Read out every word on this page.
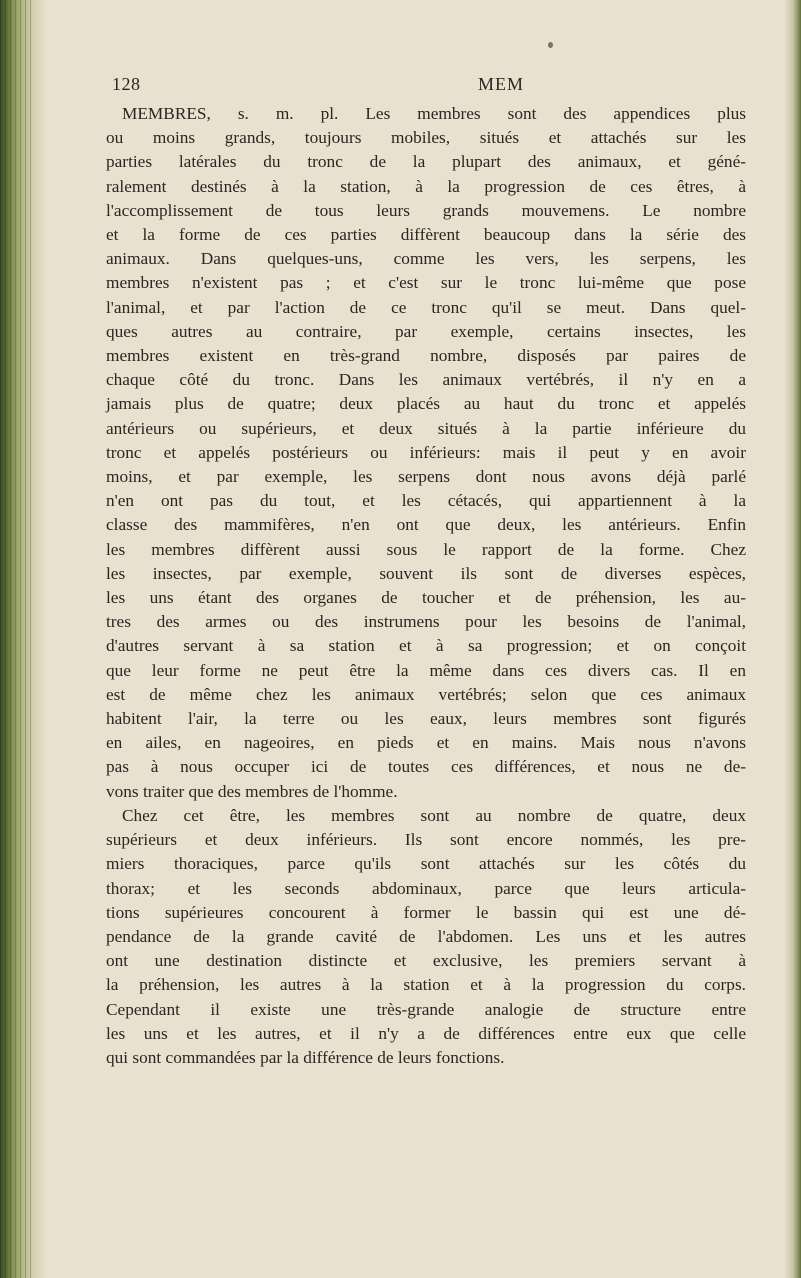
128	MEM

MEMBRES, s. m. pl. Les membres sont des appendices plus
ou moins grands, toujours mobiles, situés et attachés sur les
parties latérales du tronc de la plupart des animaux, et géné-
ralement destinés à la station, à la progression de ces êtres, à
l'accomplissement de tous leurs grands mouvemens. Le nombre
et la forme de ces parties diffèrent beaucoup dans la série des
animaux. Dans quelques-uns, comme les vers, les serpens, les
membres n'existent pas ; et c'est sur le tronc lui-même que pose
l'animal, et par l'action de ce tronc qu'il se meut. Dans quel-
ques autres au contraire, par exemple, certains insectes, les
membres existent en très-grand nombre, disposés par paires de
chaque côté du tronc. Dans les animaux vertébrés, il n'y en a
jamais plus de quatre; deux placés au haut du tronc et appelés
antérieurs ou supérieurs, et deux situés à la partie inférieure du
tronc et appelés postérieurs ou inférieurs: mais il peut y en avoir
moins, et par exemple, les serpens dont nous avons déjà parlé
n'en ont pas du tout, et les cétacés, qui appartiennent à la
classe des mammifères, n'en ont que deux, les antérieurs. Enfin
les membres diffèrent aussi sous le rapport de la forme. Chez
les insectes, par exemple, souvent ils sont de diverses espèces,
les uns étant des organes de toucher et de préhension, les au-
tres des armes ou des instrumens pour les besoins de l'animal,
d'autres servant à sa station et à sa progression; et on conçoit
que leur forme ne peut être la même dans ces divers cas. Il en
est de même chez les animaux vertébrés; selon que ces animaux
habitent l'air, la terre ou les eaux, leurs membres sont figurés
en ailes, en nageoires, en pieds et en mains. Mais nous n'avons
pas à nous occuper ici de toutes ces différences, et nous ne de-
vons traiter que des membres de l'homme.

Chez cet être, les membres sont au nombre de quatre, deux
supérieurs et deux inférieurs. Ils sont encore nommés, les pre-
miers thoraciques, parce qu'ils sont attachés sur les côtés du
thorax; et les seconds abdominaux, parce que leurs articula-
tions supérieures concourent à former le bassin qui est une dé-
pendance de la grande cavité de l'abdomen. Les uns et les autres
ont une destination distincte et exclusive, les premiers servant à
la préhension, les autres à la station et à la progression du corps.
Cependant il existe une très-grande analogie de structure entre
les uns et les autres, et il n'y a de différences entre eux que celle
qui sont commandées par la différence de leurs fonctions.
